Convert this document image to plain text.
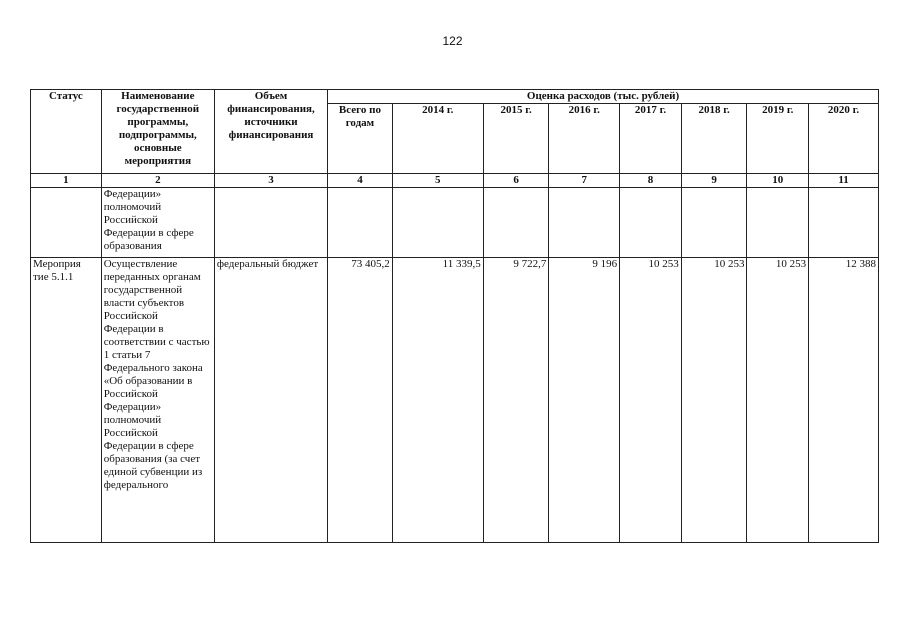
122
Статус	Наименование государственной программы, подпрограммы, основные мероприятия	Объем финансирования, источники финансирования	Оценка расходов (тыс. рублей)							
			Всего по годам	2014 г.	2015 г.	2016 г.	2017 г.	2018 г.	2019 г.	2020 г.
1	2	3	4	5	6	7	8	9	10	11
	Федерации» полномочий Российской Федерации в сфере образования									
Мероприя тие 5.1.1	Осуществление переданных органам государственной власти субъектов Российской Федерации в соответствии с частью 1 статьи 7 Федерального закона «Об образовании в Российской Федерации» полномочий Российской Федерации в сфере образования (за счет единой субвенции из федерального	федеральный бюджет	73 405,2	11 339,5	9 722,7	9 196	10 253	10 253	10 253	12 388
